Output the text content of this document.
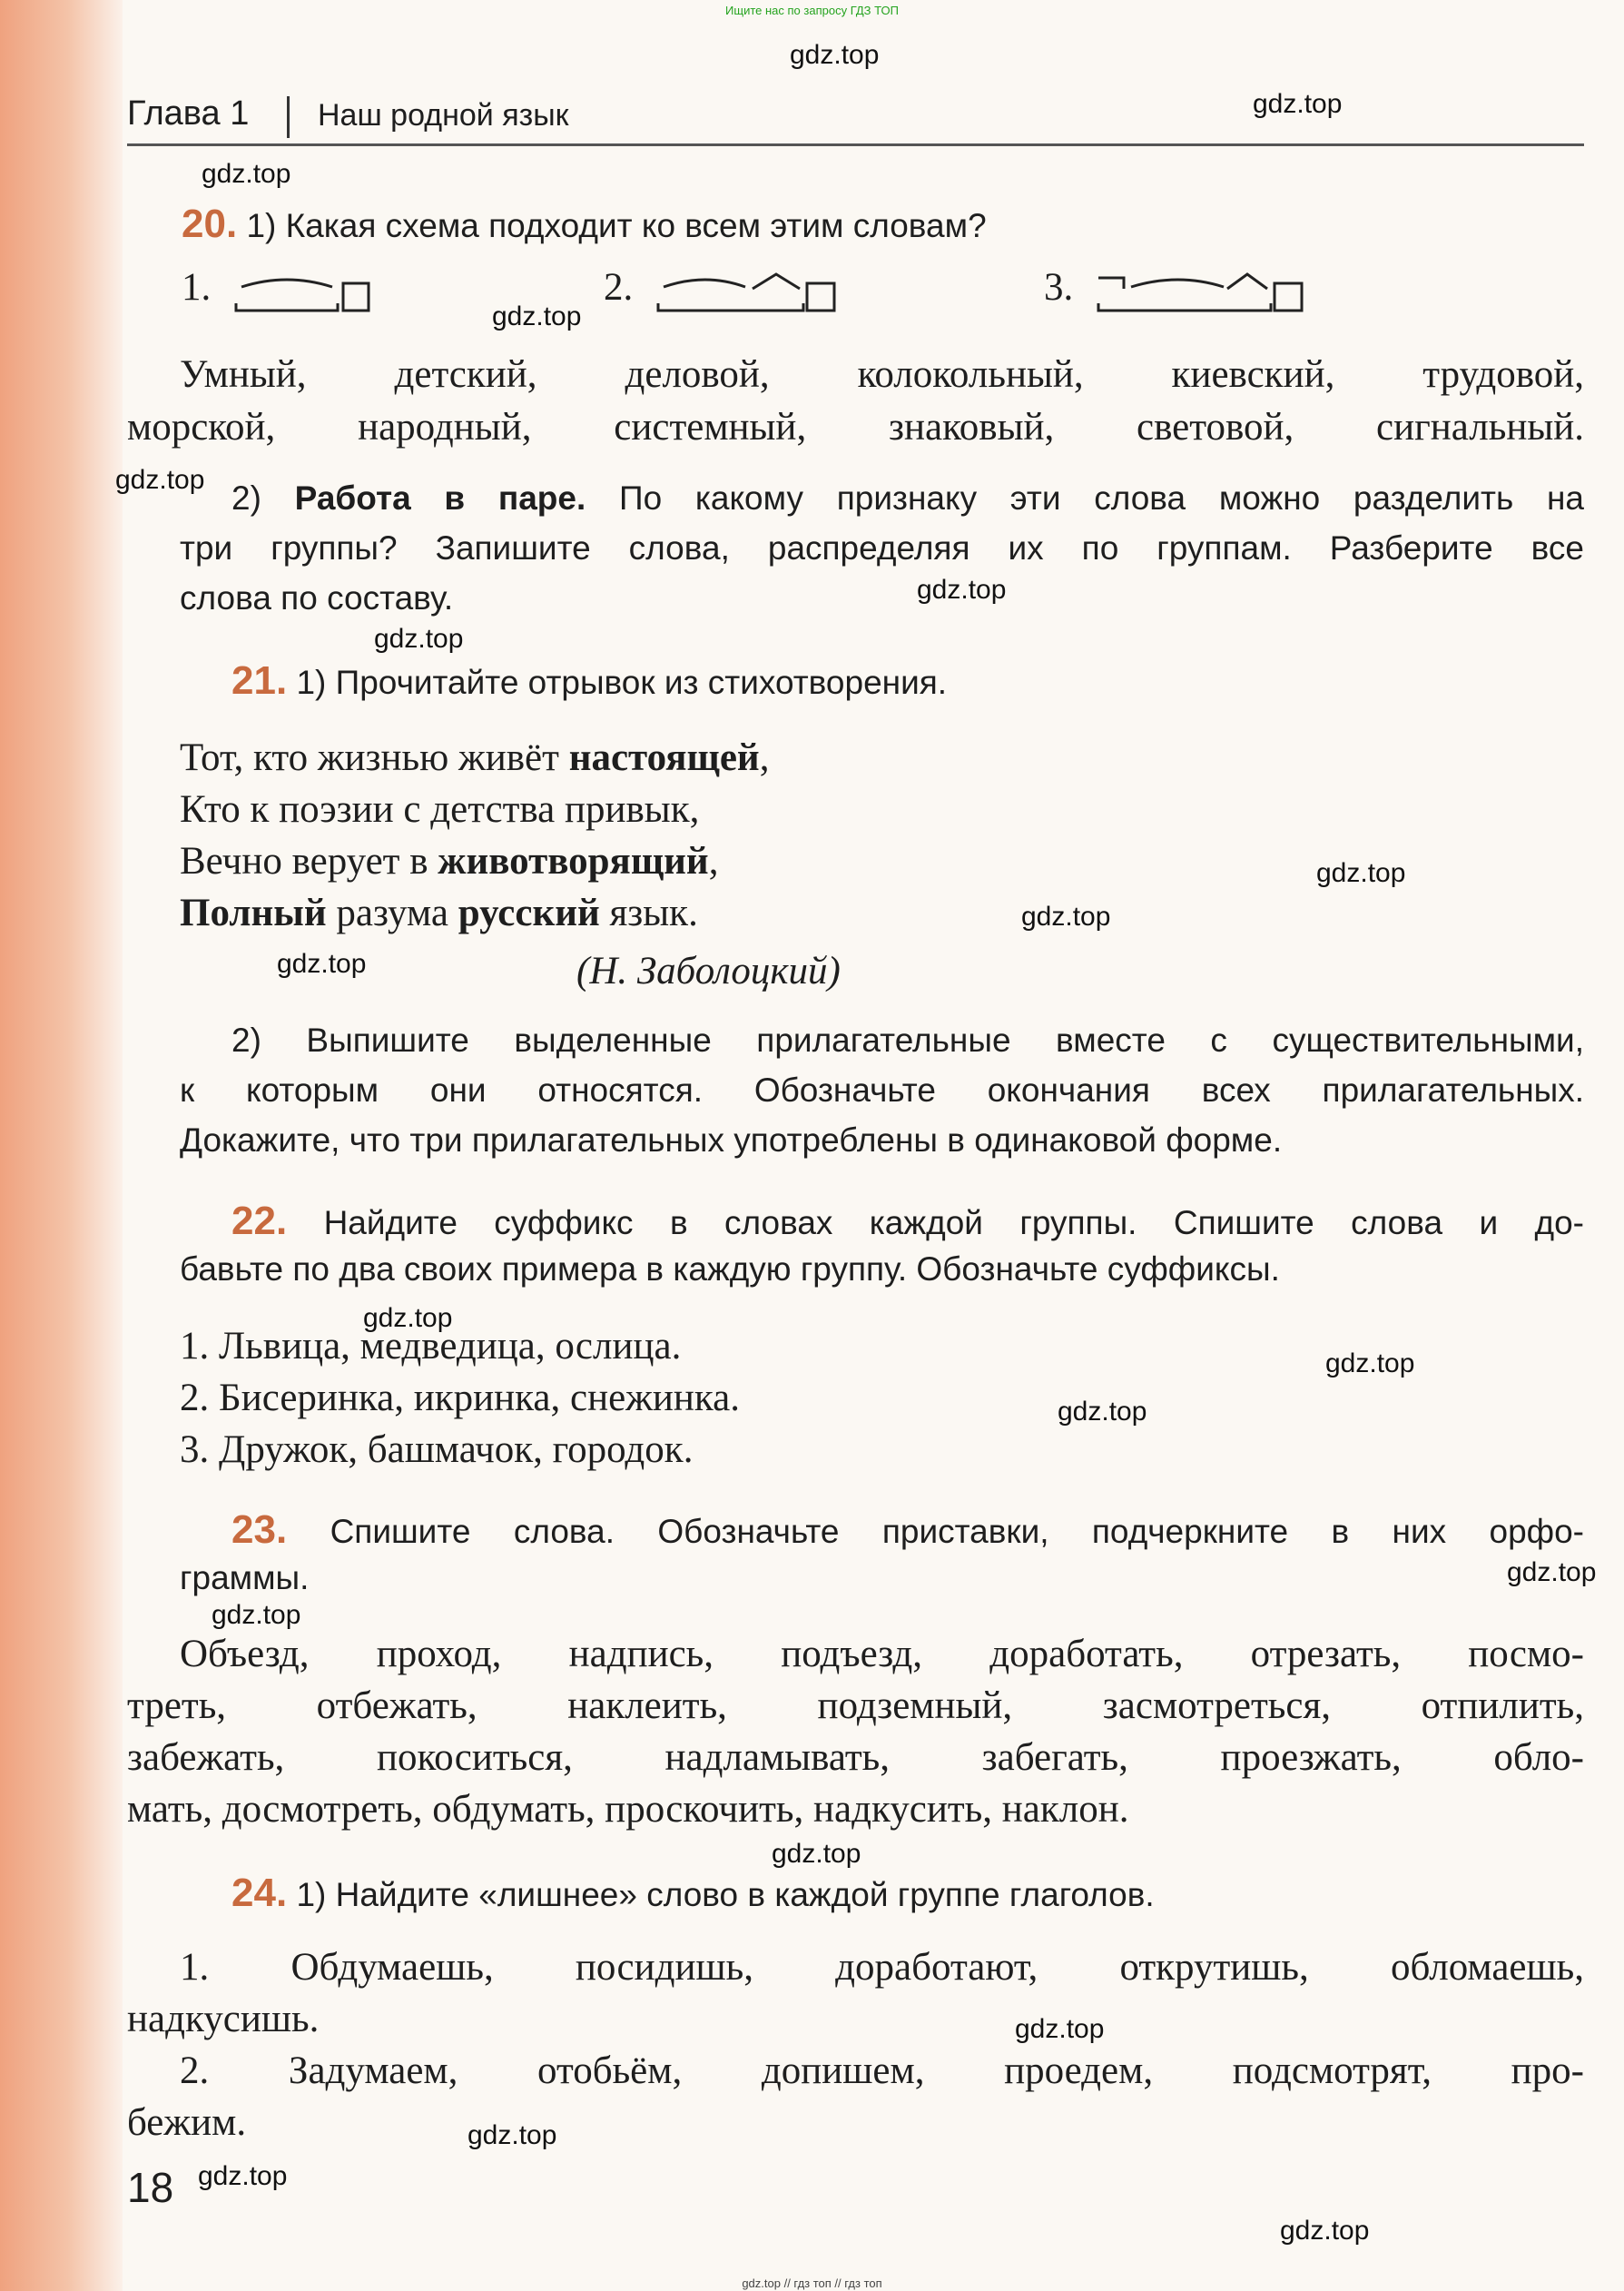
Ищите нас по запросу ГДЗ ТОП
gdz.top
gdz.top
gdz.top
gdz.top
gdz.top
gdz.top
gdz.top
gdz.top
gdz.top
gdz.top
gdz.top
gdz.top
gdz.top
gdz.top
gdz.top
gdz.top
gdz.top
gdz.top
gdz.top
gdz.top
Глава 1 Наш родной язык
20. 1) Какая схема подходит ко всем этим словам?
1.	2.	3.
Умный, детский, деловой, колокольный, киевский, трудовой,
морской, народный, системный, знаковый, световой, сигнальный.
2) Работа в паре. По какому признаку эти слова можно разделить на
три группы? Запишите слова, распределяя их по группам. Разберите все
слова по составу.
21. 1) Прочитайте отрывок из стихотворения.
Тот, кто жизнью живёт настоящей,
Кто к поэзии с детства привык,
Вечно верует в животворящий,
Полный разума русский язык.
(Н. Заболоцкий)
2) Выпишите выделенные прилагательные вместе с существительными,
к которым они относятся. Обозначьте окончания всех прилагательных.
Докажите, что три прилагательных употреблены в одинаковой форме.
22. Найдите суффикс в словах каждой группы. Спишите слова и до-
бавьте по два своих примера в каждую группу. Обозначьте суффиксы.
1. Львица, медведица, ослица.
2. Бисеринка, икринка, снежинка.
3. Дружок, башмачок, городок.
23. Спишите слова. Обозначьте приставки, подчеркните в них орфо-
граммы.
Объезд, проход, надпись, подъезд, доработать, отрезать, посмо-
треть, отбежать, наклеить, подземный, засмотреться, отпилить,
забежать, покоситься, надламывать, забегать, проезжать, обло-
мать, досмотреть, обдумать, проскочить, надкусить, наклон.
24. 1) Найдите «лишнее» слово в каждой группе глаголов.
1. Обдумаешь, посидишь, доработают, открутишь, обломаешь,
надкусишь.
2. Задумаем, отобьём, допишем, проедем, подсмотрят, про-
бежим.
18
gdz.top // гдз топ // гдз топ
